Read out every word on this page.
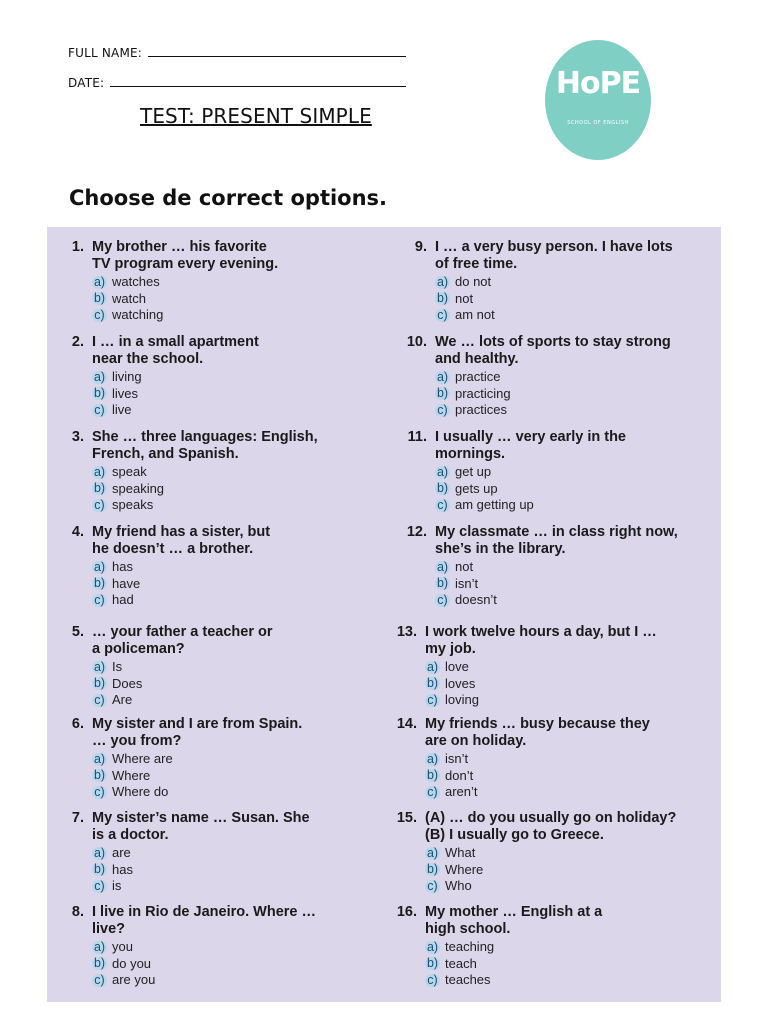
FULL NAME:
DATE:
TEST: PRESENT SIMPLE
HoPE
SCHOOL OF ENGLISH
Choose de correct options.
1. My brother … his favorite
TV program every evening.
a) watches
b) watch
c) watching
2. I … in a small apartment
near the school.
a) living
b) lives
c) live
3. She … three languages: English,
French, and Spanish.
a) speak
b) speaking
c) speaks
4. My friend has a sister, but
he doesn’t … a brother.
a) has
b) have
c) had
5. … your father a teacher or
a policeman?
a) Is
b) Does
c) Are
6. My sister and I are from Spain.
… you from?
a) Where are
b) Where
c) Where do
7. My sister’s name … Susan. She
is a doctor.
a) are
b) has
c) is
8. I live in Rio de Janeiro. Where …
live?
a) you
b) do you
c) are you
9. I … a very busy person. I have lots
of free time.
a) do not
b) not
c) am not
10. We … lots of sports to stay strong
and healthy.
a) practice
b) practicing
c) practices
11. I usually … very early in the
mornings.
a) get up
b) gets up
c) am getting up
12. My classmate … in class right now,
she’s in the library.
a) not
b) isn’t
c) doesn’t
13. I work twelve hours a day, but I …
my job.
a) love
b) loves
c) loving
14. My friends … busy because they
are on holiday.
a) isn’t
b) don’t
c) aren’t
15. (A) … do you usually go on holiday?
(B) I usually go to Greece.
a) What
b) Where
c) Who
16. My mother … English at a
high school.
a) teaching
b) teach
c) teaches
